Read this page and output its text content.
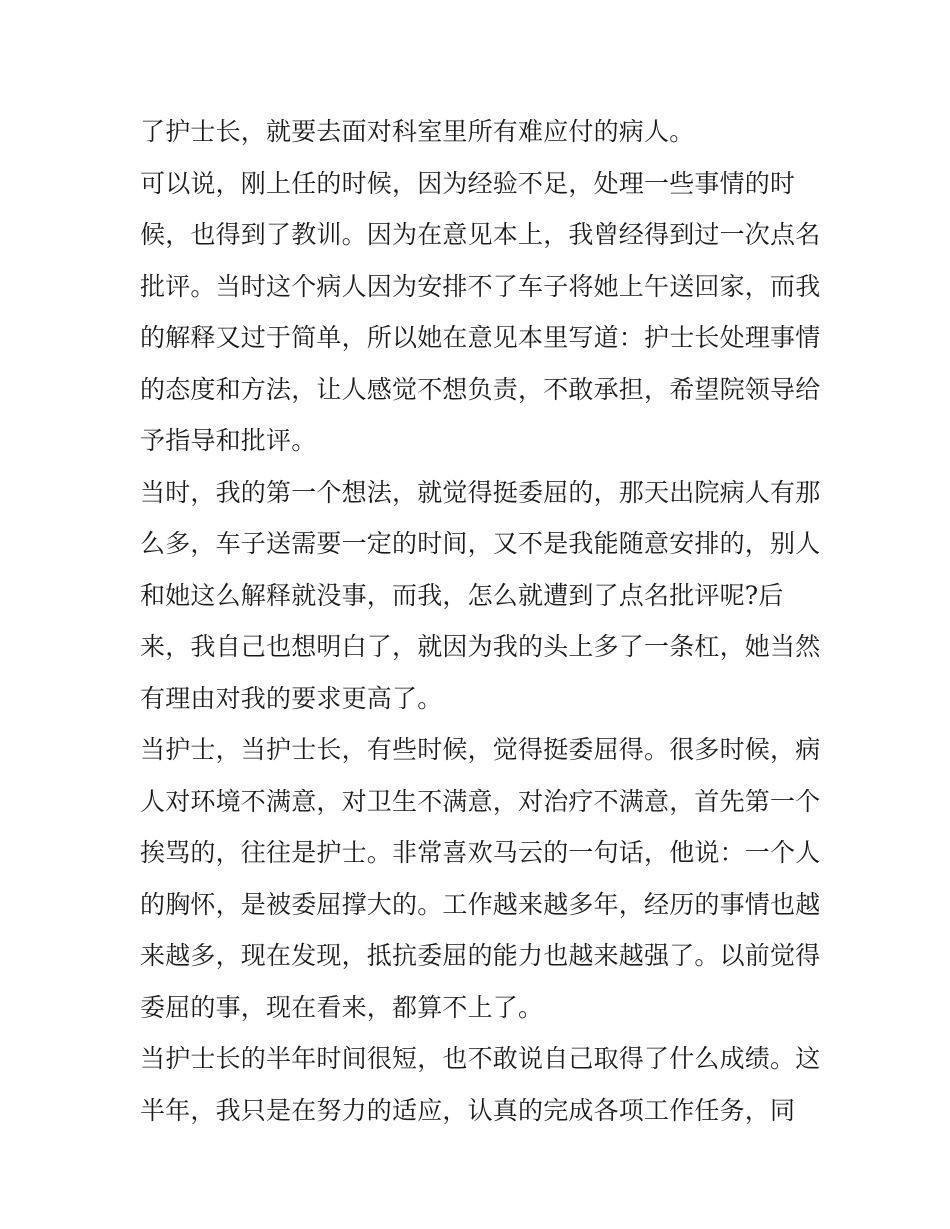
了护士长，就要去面对科室里所有难应付的病人。
可以说，刚上任的时候，因为经验不足，处理一些事情的时
候，也得到了教训。因为在意见本上，我曾经得到过一次点名
批评。当时这个病人因为安排不了车子将她上午送回家，而我
的解释又过于简单，所以她在意见本里写道：护士长处理事情
的态度和方法，让人感觉不想负责，不敢承担，希望院领导给
予指导和批评。
当时，我的第一个想法，就觉得挺委屈的，那天出院病人有那
么多，车子送需要一定的时间，又不是我能随意安排的，别人
和她这么解释就没事，而我，怎么就遭到了点名批评呢?后
来，我自己也想明白了，就因为我的头上多了一条杠，她当然
有理由对我的要求更高了。
当护士，当护士长，有些时候，觉得挺委屈得。很多时候，病
人对环境不满意，对卫生不满意，对治疗不满意，首先第一个
挨骂的，往往是护士。非常喜欢马云的一句话，他说：一个人
的胸怀，是被委屈撑大的。工作越来越多年，经历的事情也越
来越多，现在发现，抵抗委屈的能力也越来越强了。以前觉得
委屈的事，现在看来，都算不上了。
当护士长的半年时间很短，也不敢说自己取得了什么成绩。这
半年，我只是在努力的适应，认真的完成各项工作任务，同
